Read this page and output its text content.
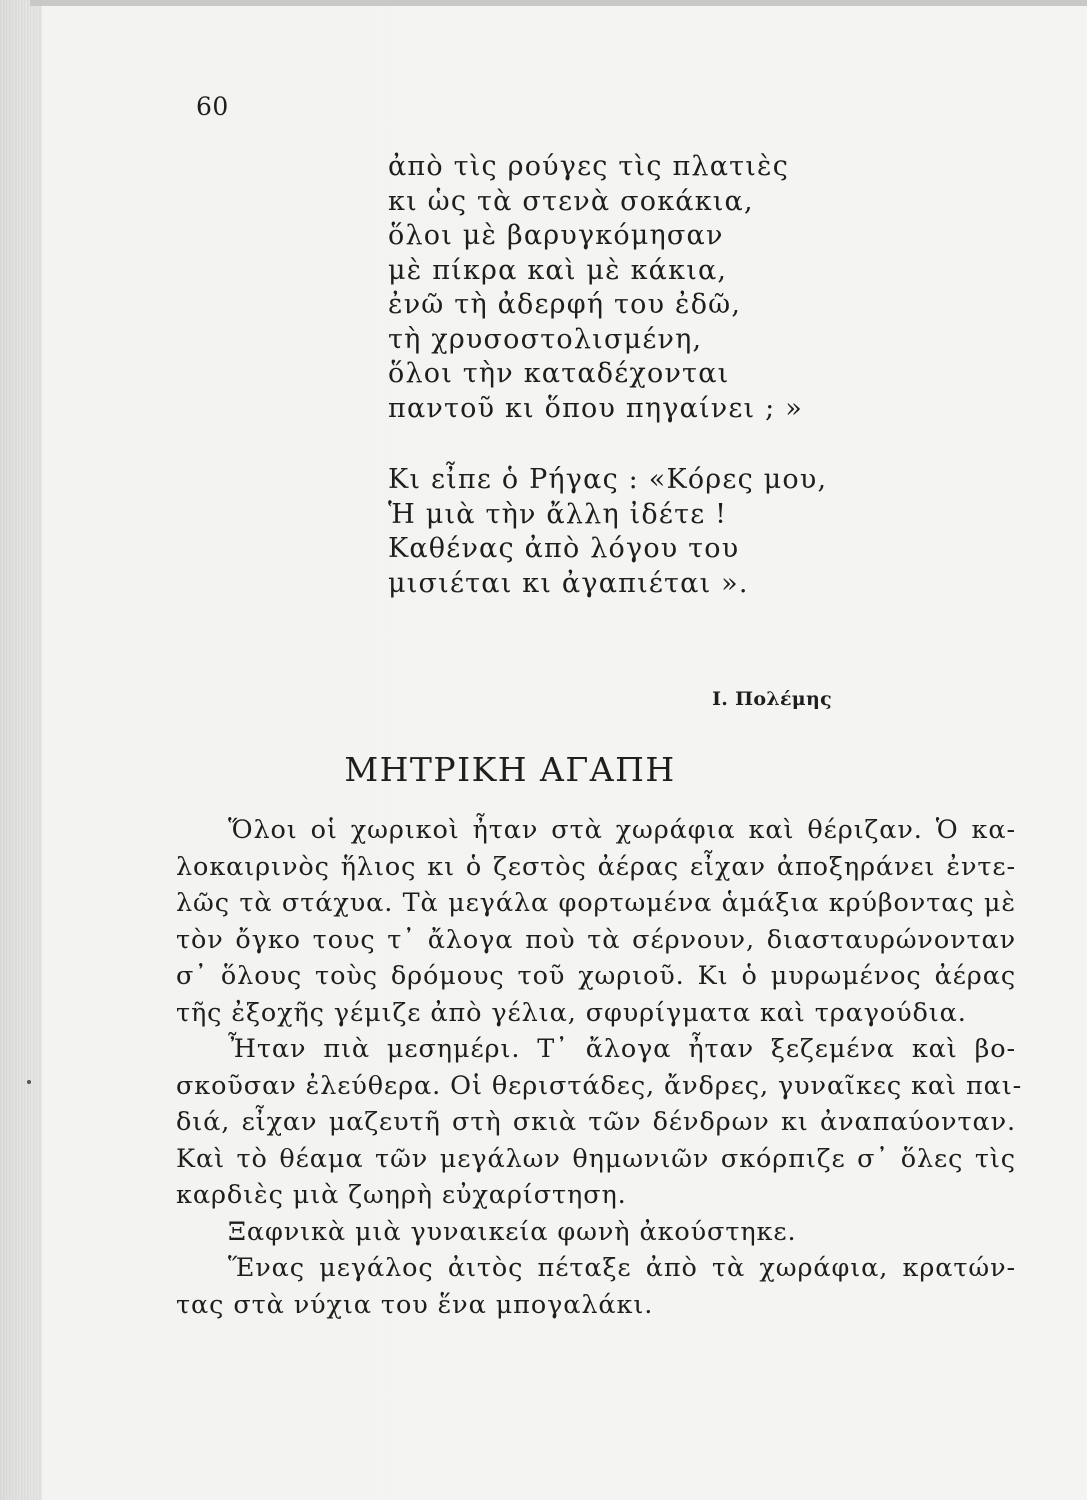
60
ἀπὸ τὶς ρούγες τὶς πλατιὲς
κι ὡς τὰ στενὰ σοκάκια,
ὅλοι μὲ βαρυγκόμησαν
μὲ πίκρα καὶ μὲ κάκια,
ἐνῶ τὴ ἀδερφή του ἐδῶ,
τὴ χρυσοστολισμένη,
ὅλοι τὴν καταδέχονται
παντοῦ κι ὅπου πηγαίνει ; »
Κι εἶπε ὁ Ρήγας : «Κόρες μου,
Ἡ μιὰ τὴν ἄλλη ἰδέτε !
Καθένας ἀπὸ λόγου του
μισιέται κι ἀγαπιέται ».
Ι. Πολέμης
ΜΗΤΡΙΚΗ ΑΓΑΠΗ
Ὅλοι οἱ χωρικοὶ ἦταν στὰ χωράφια καὶ θέριζαν. Ὁ κα-
λοκαιρινὸς ἥλιος κι ὁ ζεστὸς ἀέρας εἶχαν ἀποξηράνει ἐντε-
λῶς τὰ στάχυα. Τὰ μεγάλα φορτωμένα ἁμάξια κρύβοντας μὲ
τὸν ὄγκο τους τ᾽ ἄλογα ποὺ τὰ σέρνουν, διασταυρώνονταν
σ᾽ ὅλους τοὺς δρόμους τοῦ χωριοῦ. Κι ὁ μυρωμένος ἀέρας
τῆς ἐξοχῆς γέμιζε ἀπὸ γέλια, σφυρίγματα καὶ τραγούδια.
Ἦταν πιὰ μεσημέρι. Τ᾽ ἄλογα ἦταν ξεζεμένα καὶ βο-
σκοῦσαν ἐλεύθερα. Οἱ θεριστάδες, ἄνδρες, γυναῖκες καὶ παι-
διά, εἶχαν μαζευτῆ στὴ σκιὰ τῶν δένδρων κι ἀναπαύονταν.
Καὶ τὸ θέαμα τῶν μεγάλων θημωνιῶν σκόρπιζε σ᾽ ὅλες τὶς
καρδιὲς μιὰ ζωηρὴ εὐχαρίστηση.
Ξαφνικὰ μιὰ γυναικεία φωνὴ ἀκούστηκε.
Ἕνας μεγάλος ἀιτὸς πέταξε ἀπὸ τὰ χωράφια, κρατών-
τας στὰ νύχια του ἕνα μπογαλάκι.
